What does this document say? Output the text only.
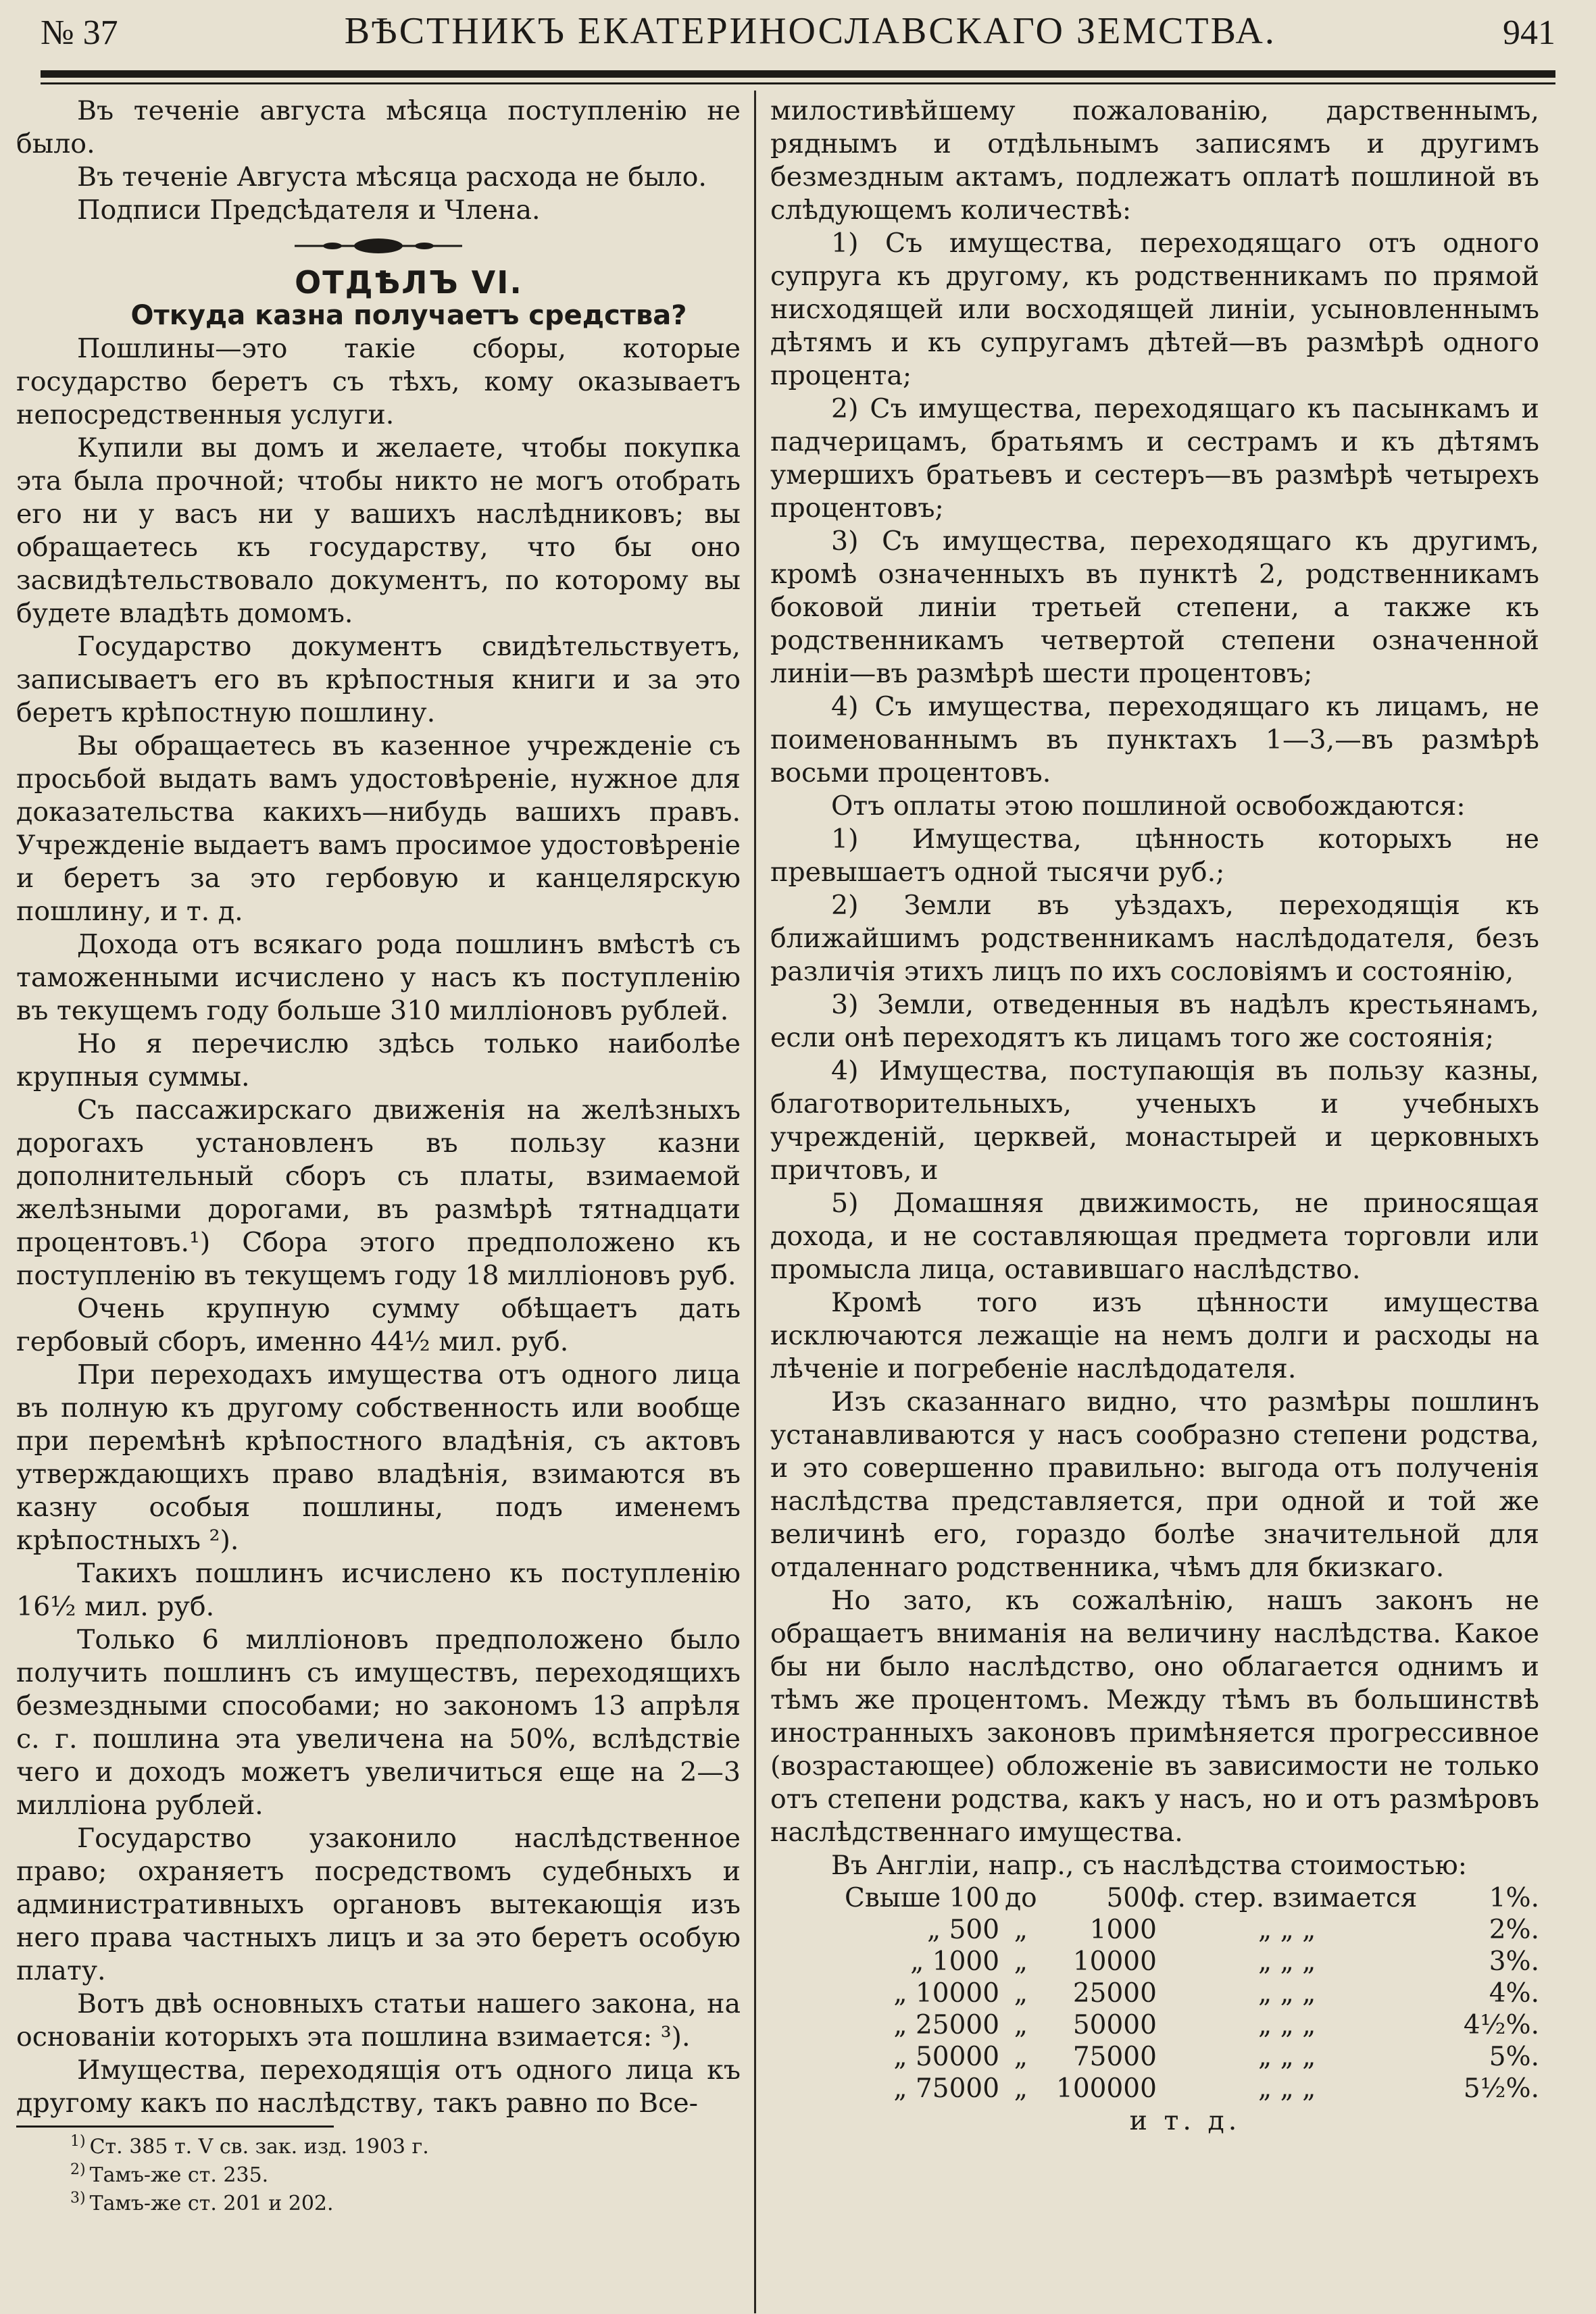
№ 37	ВѢСТНИКЪ ЕКАТЕРИНОСЛАВСКАГО ЗЕМСТВА.	941

Въ теченіе августа мѣсяца поступленію не было.

Въ теченіе Августа мѣсяца расхода не было.

Подписи Предсѣдателя и Члена.

ОТДѢЛЪ VI.

Откуда казна получаетъ средства?

Пошлины—это такіе сборы, которые государство беретъ съ тѣхъ, кому оказываетъ непосредственныя услуги.

Купили вы домъ и желаете, чтобы покупка эта была прочной; чтобы никто не могъ отобрать его ни у васъ ни у вашихъ наслѣдниковъ; вы обращаетесь къ государству, что бы оно засвидѣтельствовало документъ, по которому вы будете владѣть домомъ.

Государство документъ свидѣтельствуетъ, записываетъ его въ крѣпостныя книги и за это беретъ крѣпостную пошлину.

Вы обращаетесь въ казенное учрежденіе съ просьбой выдать вамъ удостовѣреніе, нужное для доказательства какихъ—нибудь вашихъ правъ. Учрежденіе выдаетъ вамъ просимое удостовѣреніе и беретъ за это гербовую и канцелярскую пошлину, и т. д.

Дохода отъ всякаго рода пошлинъ вмѣстѣ съ таможенными исчислено у насъ къ поступленію въ текущемъ году больше 310 милліоновъ рублей.

Но я перечислю здѣсь только наиболѣе крупныя суммы.

Съ пассажирскаго движенія на желѣзныхъ дорогахъ установленъ въ пользу казни дополнительный сборъ съ платы, взимаемой желѣзными дорогами, въ размѣрѣ тятнадцати процентовъ.¹) Сбора этого предположено къ поступленію въ текущемъ году 18 милліоновъ руб.

Очень крупную сумму обѣщаетъ дать гербовый сборъ, именно 44½ мил. руб.

При переходахъ имущества отъ одного лица въ полную къ другому собственность или вообще при перемѣнѣ крѣпостного владѣнія, съ актовъ утверждающихъ право владѣнія, взимаются въ казну особыя пошлины, подъ именемъ крѣпостныхъ ²).

Такихъ пошлинъ исчислено къ поступленію 16½ мил. руб.

Только 6 милліоновъ предположено было получить пошлинъ съ имуществъ, переходящихъ безмездными способами; но закономъ 13 апрѣля с. г. пошлина эта увеличена на 50%, вслѣдствіе чего и доходъ можетъ увеличиться еще на 2—3 милліона рублей.

Государство узаконило наслѣдственное право; охраняетъ посредствомъ судебныхъ и административныхъ органовъ вытекающія изъ него права частныхъ лицъ и за это беретъ особую плату.

Вотъ двѣ основныхъ статьи нашего закона, на основаніи которыхъ эта пошлина взимается: ³).

Имущества, переходящія отъ одного лица къ другому какъ по наслѣдству, такъ равно по Все-

$^{1)}$ Ст. 385 т. V св. зак. изд. 1903 г.
$^{2)}$ Тамъ-же ст. 235.
$^{3)}$ Тамъ-же ст. 201 и 202.

милостивѣйшему пожалованію, дарственнымъ, ряднымъ и отдѣльнымъ записямъ и другимъ безмездным актамъ, подлежатъ оплатѣ пошлиной въ слѣдующемъ количествѣ:

1) Съ имущества, переходящаго отъ одного супруга къ другому, къ родственникамъ по прямой нисходящей или восходящей линіи, усыновленнымъ дѣтямъ и къ супругамъ дѣтей—въ размѣрѣ одного процента;

2) Съ имущества, переходящаго къ пасынкамъ и падчерицамъ, братьямъ и сестрамъ и къ дѣтямъ умершихъ братьевъ и сестеръ—въ размѣрѣ четырехъ процентовъ;

3) Съ имущества, переходящаго къ другимъ, кромѣ означенныхъ въ пунктѣ 2, родственникамъ боковой линіи третьей степени, а также къ родственникамъ четвертой степени означенной линіи—въ размѣрѣ шести процентовъ;

4) Съ имущества, переходящаго къ лицамъ, не поименованнымъ въ пунктахъ 1—3,—въ размѣрѣ восьми процентовъ.

Отъ оплаты этою пошлиной освобождаются:

1) Имущества, цѣнность которыхъ не превышаетъ одной тысячи руб.;

2) Земли въ уѣздахъ, переходящія къ ближайшимъ родственникамъ наслѣдодателя, безъ различія этихъ лицъ по ихъ сословіямъ и состоянію,

3) Земли, отведенныя въ надѣлъ крестьянамъ, если онѣ переходятъ къ лицамъ того же состоянія;

4) Имущества, поступающія въ пользу казны, благотворительныхъ, ученыхъ и учебныхъ учрежденій, церквей, монастырей и церковныхъ причтовъ, и

5) Домашняя движимость, не приносящая дохода, и не составляющая предмета торговли или промысла лица, оставившаго наслѣдство.

Кромѣ того изъ цѣнности имущества исключаются лежащіе на немъ долги и расходы на лѣченіе и погребеніе наслѣдодателя.

Изъ сказаннаго видно, что размѣры пошлинъ устанавливаются у насъ сообразно степени родства, и это совершенно правильно: выгода отъ полученія наслѣдства представляется, при одной и той же величинѣ его, гораздо болѣе значительной для отдаленнаго родственника, чѣмъ для бкизкаго.

Но зато, къ сожалѣнію, нашъ законъ не обращаетъ вниманія на величину наслѣдства. Какое бы ни было наслѣдство, оно облагается однимъ и тѣмъ же процентомъ. Между тѣмъ въ большинствѣ иностранныхъ законовъ примѣняется прогрессивное (возрастающее) обложеніе въ зависимости не только отъ степени родства, какъ у насъ, но и отъ размѣровъ наслѣдственнаго имущества.

Въ Англіи, напр., съ наслѣдства стоимостью:

Свыше 100	до	500	ф. стер. взимается	1%.
„ 500	„	1000	„ „ „	2%.
„ 1000	„	10000	„ „ „	3%.
„ 10000	„	25000	„ „ „	4%.
„ 25000	„	50000	„ „ „	4½%.
„ 50000	„	75000	„ „ „	5%.
„ 75000	„	100000	„ „ „	5½%.

и т. д.
